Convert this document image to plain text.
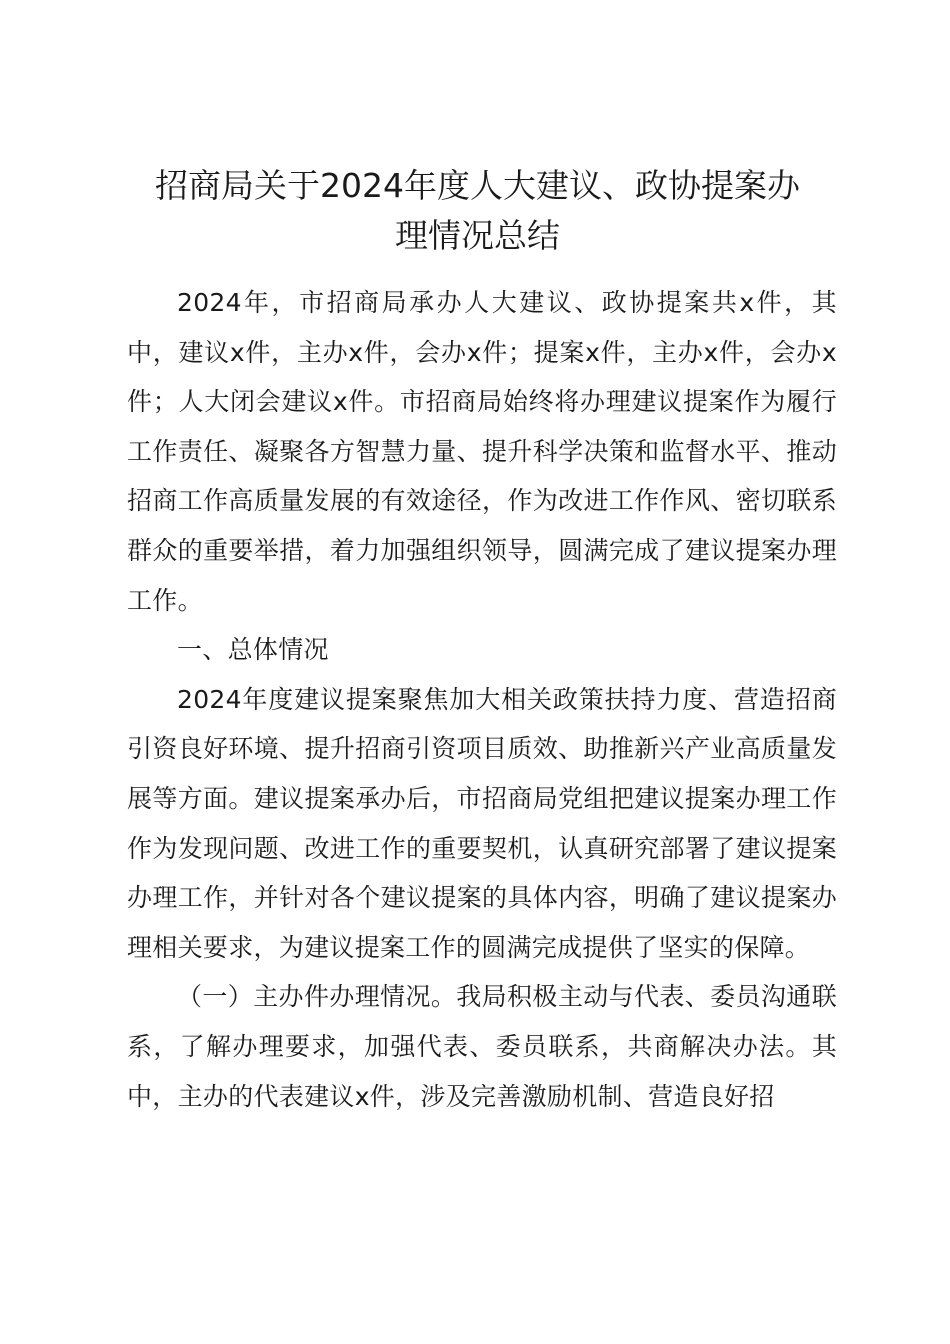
招商局关于2024年度人大建议、政协提案办
理情况总结

2024年，市招商局承办人大建议、政协提案共x件，其中，建议x件，主办x件，会办x件；提案x件，主办x件，会办x件；人大闭会建议x件。市招商局始终将办理建议提案作为履行工作责任、凝聚各方智慧力量、提升科学决策和监督水平、推动招商工作高质量发展的有效途径，作为改进工作作风、密切联系群众的重要举措，着力加强组织领导，圆满完成了建议提案办理工作。

一、总体情况

2024年度建议提案聚焦加大相关政策扶持力度、营造招商引资良好环境、提升招商引资项目质效、助推新兴产业高质量发展等方面。建议提案承办后，市招商局党组把建议提案办理工作作为发现问题、改进工作的重要契机，认真研究部署了建议提案办理工作，并针对各个建议提案的具体内容，明确了建议提案办理相关要求，为建议提案工作的圆满完成提供了坚实的保障。

（一）主办件办理情况。我局积极主动与代表、委员沟通联系，了解办理要求，加强代表、委员联系，共商解决办法。其中，主办的代表建议x件，涉及完善激励机制、营造良好招
